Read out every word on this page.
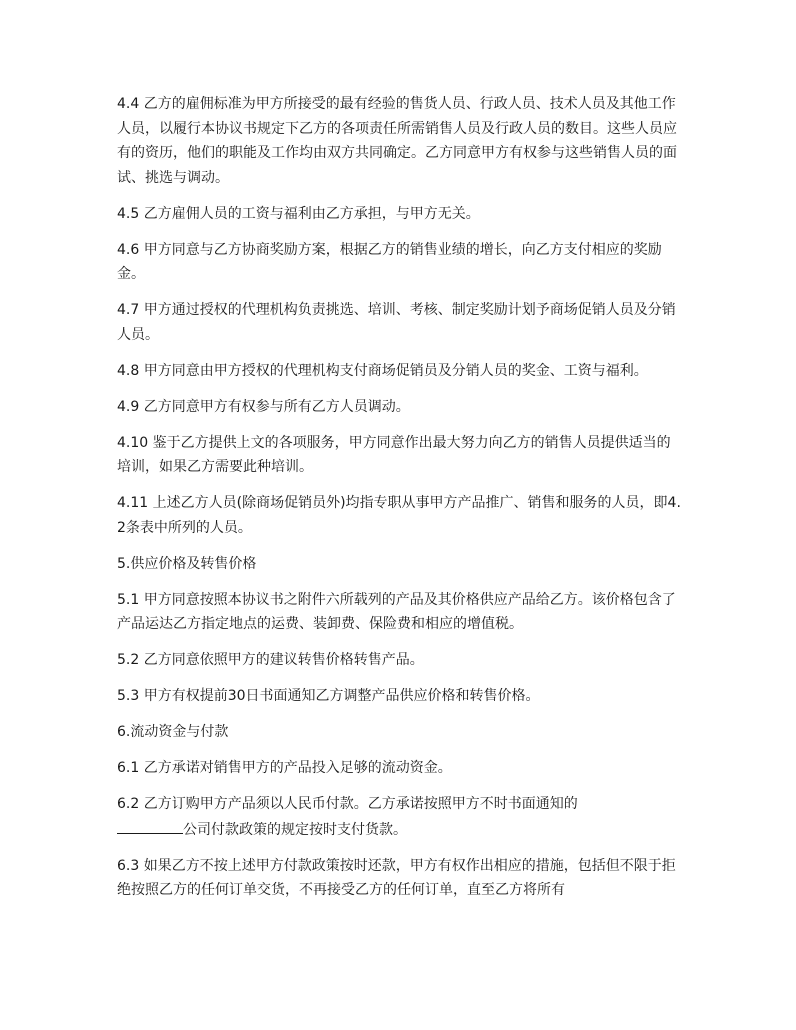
4.4 乙方的雇佣标准为甲方所接受的最有经验的售货人员、行政人员、技术人员及其他工作人员，以履行本协议书规定下乙方的各项责任所需销售人员及行政人员的数目。这些人员应有的资历，他们的职能及工作均由双方共同确定。乙方同意甲方有权参与这些销售人员的面试、挑选与调动。

4.5 乙方雇佣人员的工资与福利由乙方承担，与甲方无关。

4.6 甲方同意与乙方协商奖励方案，根据乙方的销售业绩的增长，向乙方支付相应的奖励金。

4.7 甲方通过授权的代理机构负责挑选、培训、考核、制定奖励计划予商场促销人员及分销人员。

4.8 甲方同意由甲方授权的代理机构支付商场促销员及分销人员的奖金、工资与福利。

4.9 乙方同意甲方有权参与所有乙方人员调动。

4.10 鉴于乙方提供上文的各项服务，甲方同意作出最大努力向乙方的销售人员提供适当的培训，如果乙方需要此种培训。

4.11 上述乙方人员(除商场促销员外)均指专职从事甲方产品推广、销售和服务的人员，即4.2条表中所列的人员。

5.供应价格及转售价格

5.1 甲方同意按照本协议书之附件六所载列的产品及其价格供应产品给乙方。该价格包含了产品运达乙方指定地点的运费、装卸费、保险费和相应的增值税。

5.2 乙方同意依照甲方的建议转售价格转售产品。

5.3 甲方有权提前30日书面通知乙方调整产品供应价格和转售价格。

6.流动资金与付款

6.1 乙方承诺对销售甲方的产品投入足够的流动资金。

6.2 乙方订购甲方产品须以人民币付款。乙方承诺按照甲方不时书面通知的
公司付款政策的规定按时支付货款。

6.3 如果乙方不按上述甲方付款政策按时还款，甲方有权作出相应的措施，包括但不限于拒绝按照乙方的任何订单交货，不再接受乙方的任何订单，直至乙方将所有
